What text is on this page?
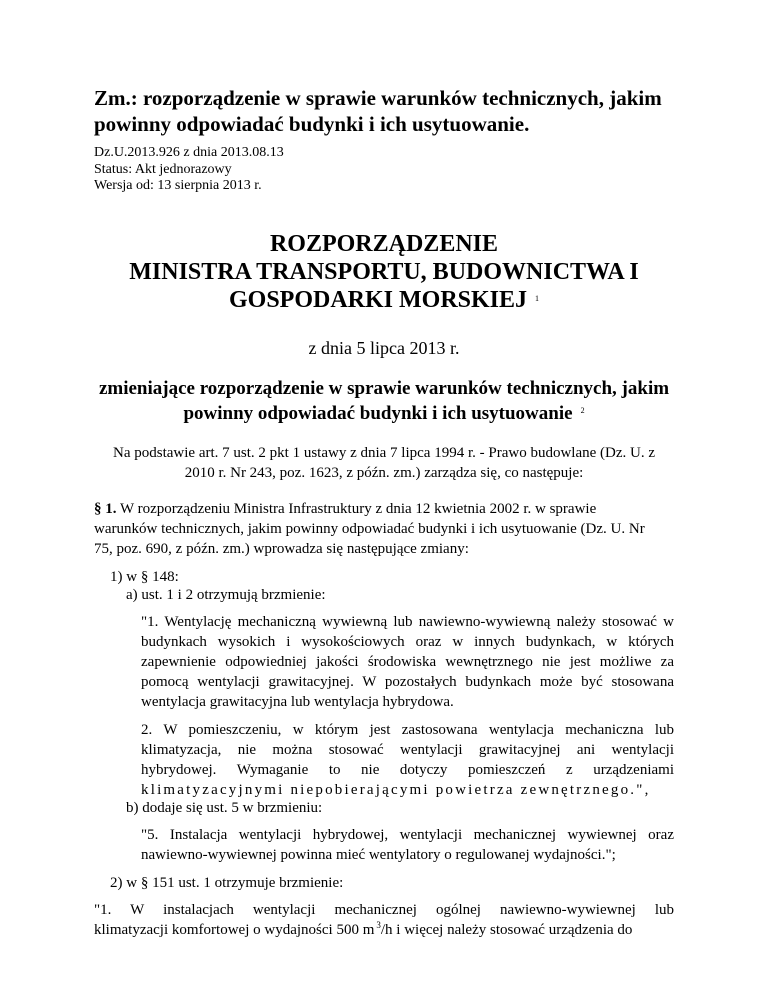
Zm.: rozporządzenie w sprawie warunków technicznych, jakim
powinny odpowiadać budynki i ich usytuowanie.
Dz.U.2013.926 z dnia 2013.08.13
Status: Akt jednorazowy
Wersja od: 13 sierpnia 2013 r.
ROZPORZĄDZENIE
MINISTRA TRANSPORTU, BUDOWNICTWA I
GOSPODARKI MORSKIEJ $^1$
z dnia 5 lipca 2013 r.
zmieniające rozporządzenie w sprawie warunków technicznych, jakim
powinny odpowiadać budynki i ich usytuowanie $^2$
Na podstawie art. 7 ust. 2 pkt 1 ustawy z dnia 7 lipca 1994 r. - Prawo budowlane (Dz. U. z
2010 r. Nr 243, poz. 1623, z późn. zm.) zarządza się, co następuje:
§ 1. W rozporządzeniu Ministra Infrastruktury z dnia 12 kwietnia 2002 r. w sprawie
warunków technicznych, jakim powinny odpowiadać budynki i ich usytuowanie (Dz. U. Nr
75, poz. 690, z późn. zm.) wprowadza się następujące zmiany:
1) w § 148:
a) ust. 1 i 2 otrzymują brzmienie:
"1. Wentylację mechaniczną wywiewną lub nawiewno-wywiewną należy stosować w
budynkach wysokich i wysokościowych oraz w innych budynkach, w których
zapewnienie odpowiedniej jakości środowiska wewnętrznego nie jest możliwe za
pomocą wentylacji grawitacyjnej. W pozostałych budynkach może być stosowana
wentylacja grawitacyjna lub wentylacja hybrydowa.
2. W pomieszczeniu, w którym jest zastosowana wentylacja mechaniczna lub
klimatyzacja, nie można stosować wentylacji grawitacyjnej ani wentylacji
hybrydowej. Wymaganie to nie dotyczy pomieszczeń z urządzeniami
klimatyzacyjnymi niepobierającymi powietrza zewnętrznego.",
b) dodaje się ust. 5 w brzmieniu:
"5. Instalacja wentylacji hybrydowej, wentylacji mechanicznej wywiewnej oraz
nawiewno-wywiewnej powinna mieć wentylatory o regulowanej wydajności.";
2) w § 151 ust. 1 otrzymuje brzmienie:
"1. W instalacjach wentylacji mechanicznej ogólnej nawiewno-wywiewnej lub
klimatyzacji komfortowej o wydajności 500 m $^3$/h i więcej należy stosować urządzenia do
